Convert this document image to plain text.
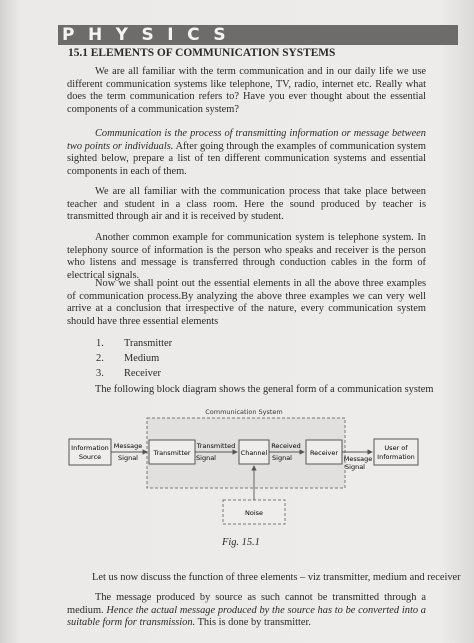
PHYSICS
15.1 ELEMENTS OF COMMUNICATION SYSTEMS

We are all familiar with the term communication and in our daily life we use different communication systems like telephone, TV, radio, internet etc. Really what does the term communication refers to? Have you ever thought about the essential components of a communication system?

Communication is the process of transmitting information or message between two points or individuals. After going through the examples of communication system sighted below, prepare a list of ten different communication systems and essential components in each of them.

We are all familiar with the communication process that take place between teacher and student in a class room. Here the sound produced by teacher is transmitted through air and it is received by student.

Another common example for communication system is telephone system. In telephony source of information is the person who speaks and receiver is the person who listens and message is transferred through conduction cables in the form of electrical signals.

Now we shall point out the essential elements in all the above three examples of communication process.By analyzing the above three examples we can very well arrive at a conclusion that irrespective of the nature, every communication system should have three essential elements

1. Transmitter
2. Medium
3. Receiver
The following block diagram shows the general form of a communication system
Communication System
Information
Source	Transmitter	Channel	Receiver
User of
Information
Noise
Message
Signal
Transmitted
Signal
Received
Signal	Message
Signal
Fig. 15.1
Let us now discuss the function of three elements – viz transmitter, medium and receiver

The message produced by source as such cannot be transmitted through a medium. Hence the actual message produced by the source has to be converted into a suitable form for transmission. This is done by transmitter.
